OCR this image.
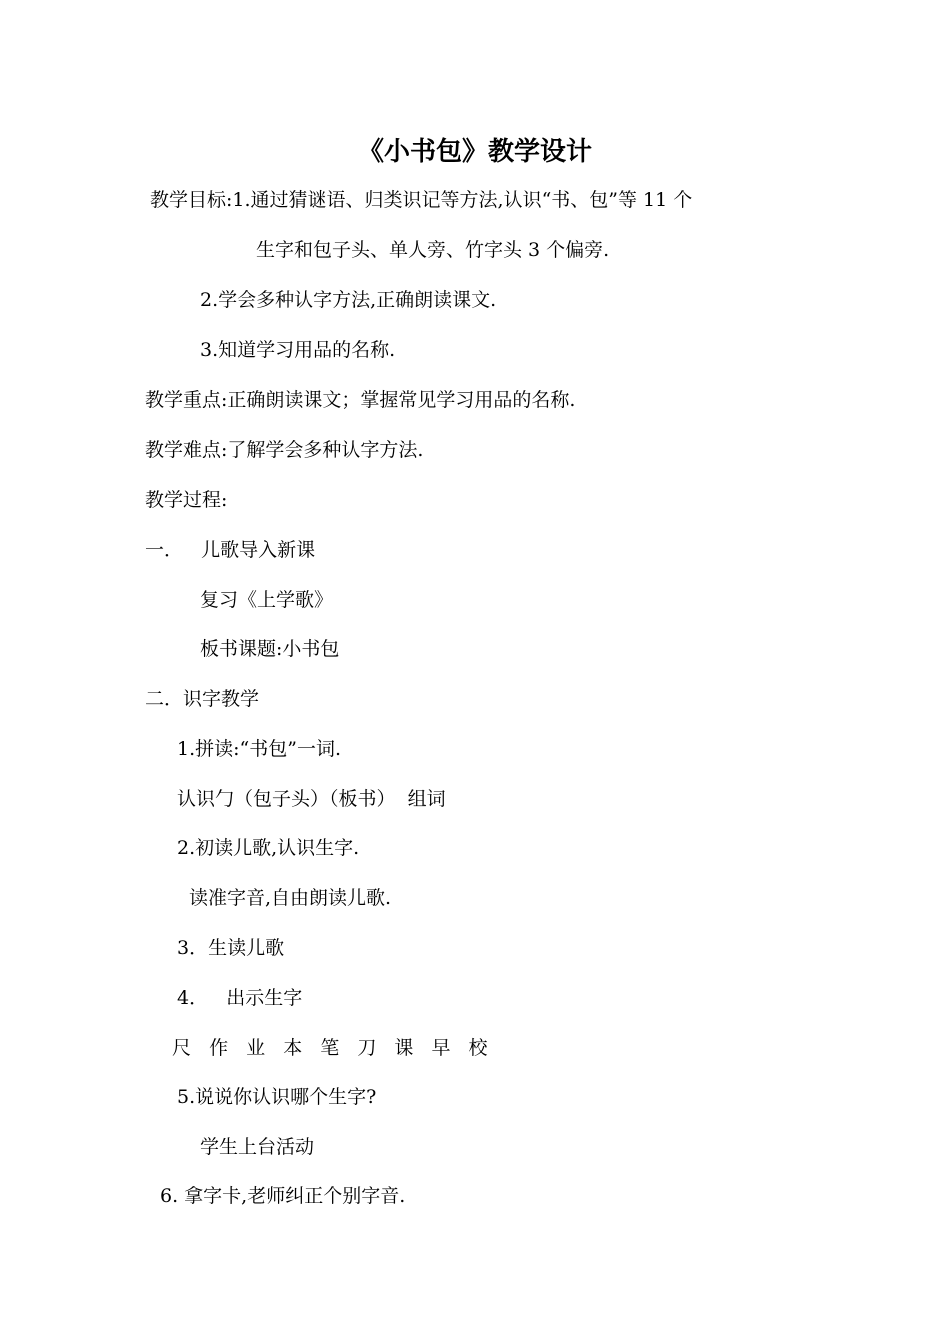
《小书包》教学设计
教学目标:1.通过猜谜语、归类识记等方法,认识“书、包”等 11 个
生字和包子头、单人旁、竹字头 3 个偏旁.
2.学会多种认字方法,正确朗读课文.
3.知道学习用品的名称.
教学重点:正确朗读课文；掌握常见学习用品的名称.
教学难点:了解学会多种认字方法.
教学过程:
一．   儿歌导入新课
复习《上学歌》
板书课题:小书包
二．识字教学
1.拼读:“书包”一词.
认识勹（包子头）（板书）  组词
2.初读儿歌,认识生字.
读准字音,自由朗读儿歌.
3．生读儿歌
4．   出示生字
尺 作 业 本 笔 刀 课 早 校
5.说说你认识哪个生字?
学生上台活动
6. 拿字卡,老师纠正个别字音.
